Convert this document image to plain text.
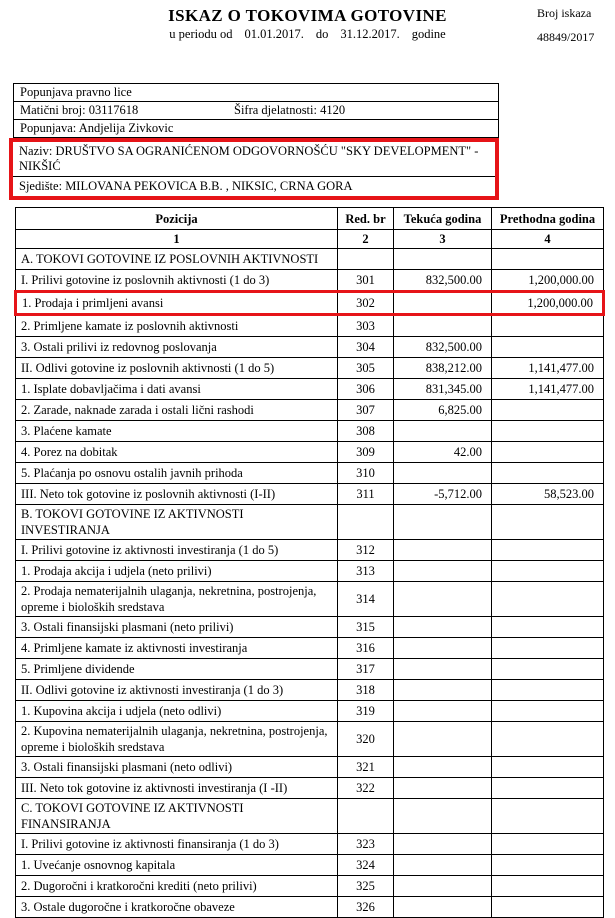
ISKAZ O TOKOVIMA GOTOVINE
u periodu od 01.01.2017. do 31.12.2017. godine
Broj iskaza
48849/2017
Popunjava pravno lice
Matični broj: 03117618	Šifra djelatnosti: 4120
Popunjava: Andjelija Zivkovic
Naziv: DRUŠTVO SA OGRANIĆENOM ODGOVORNOŠĆU "SKY DEVELOPMENT" - NIKŠIĆ
Sjedište: MILOVANA PEKOVICA B.B. , NIKSIC, CRNA GORA
Pozicija	Red. br	Tekuća godina	Prethodna godina
1	2	3	4
A. TOKOVI GOTOVINE IZ POSLOVNIH AKTIVNOSTI			
I. Prilivi gotovine iz poslovnih aktivnosti (1 do 3)	301	832,500.00	1,200,000.00
1. Prodaja i primljeni avansi	302		1,200,000.00
2. Primljene kamate iz poslovnih aktivnosti	303		
3. Ostali prilivi iz redovnog poslovanja	304	832,500.00	
II. Odlivi gotovine iz poslovnih aktivnosti (1 do 5)	305	838,212.00	1,141,477.00
1. Isplate dobavljačima i dati avansi	306	831,345.00	1,141,477.00
2. Zarade, naknade zarada i ostali lični rashodi	307	6,825.00	
3. Plaćene kamate	308		
4. Porez na dobitak	309	42.00	
5. Plaćanja po osnovu ostalih javnih prihoda	310		
III. Neto tok gotovine iz poslovnih aktivnosti (I-II)	311	-5,712.00	58,523.00
B. TOKOVI GOTOVINE IZ AKTIVNOSTI INVESTIRANJA			
I. Prilivi gotovine iz aktivnosti investiranja (1 do 5)	312		
1. Prodaja akcija i udjela (neto prilivi)	313		
2. Prodaja nematerijalnih ulaganja, nekretnina, postrojenja, opreme i bioloških sredstava	314		
3. Ostali finansijski plasmani (neto prilivi)	315		
4. Primljene kamate iz aktivnosti investiranja	316		
5. Primljene dividende	317		
II. Odlivi gotovine iz aktivnosti investiranja (1 do 3)	318		
1. Kupovina akcija i udjela (neto odlivi)	319		
2. Kupovina nematerijalnih ulaganja, nekretnina, postrojenja, opreme i bioloških sredstava	320		
3. Ostali finansijski plasmani (neto odlivi)	321		
III. Neto tok gotovine iz aktivnosti investiranja (I -II)	322		
C. TOKOVI GOTOVINE IZ AKTIVNOSTI FINANSIRANJA			
I. Prilivi gotovine iz aktivnosti finansiranja (1 do 3)	323		
1. Uvećanje osnovnog kapitala	324		
2. Dugoročni i kratkoročni krediti (neto prilivi)	325		
3. Ostale dugoročne i kratkoročne obaveze	326		
